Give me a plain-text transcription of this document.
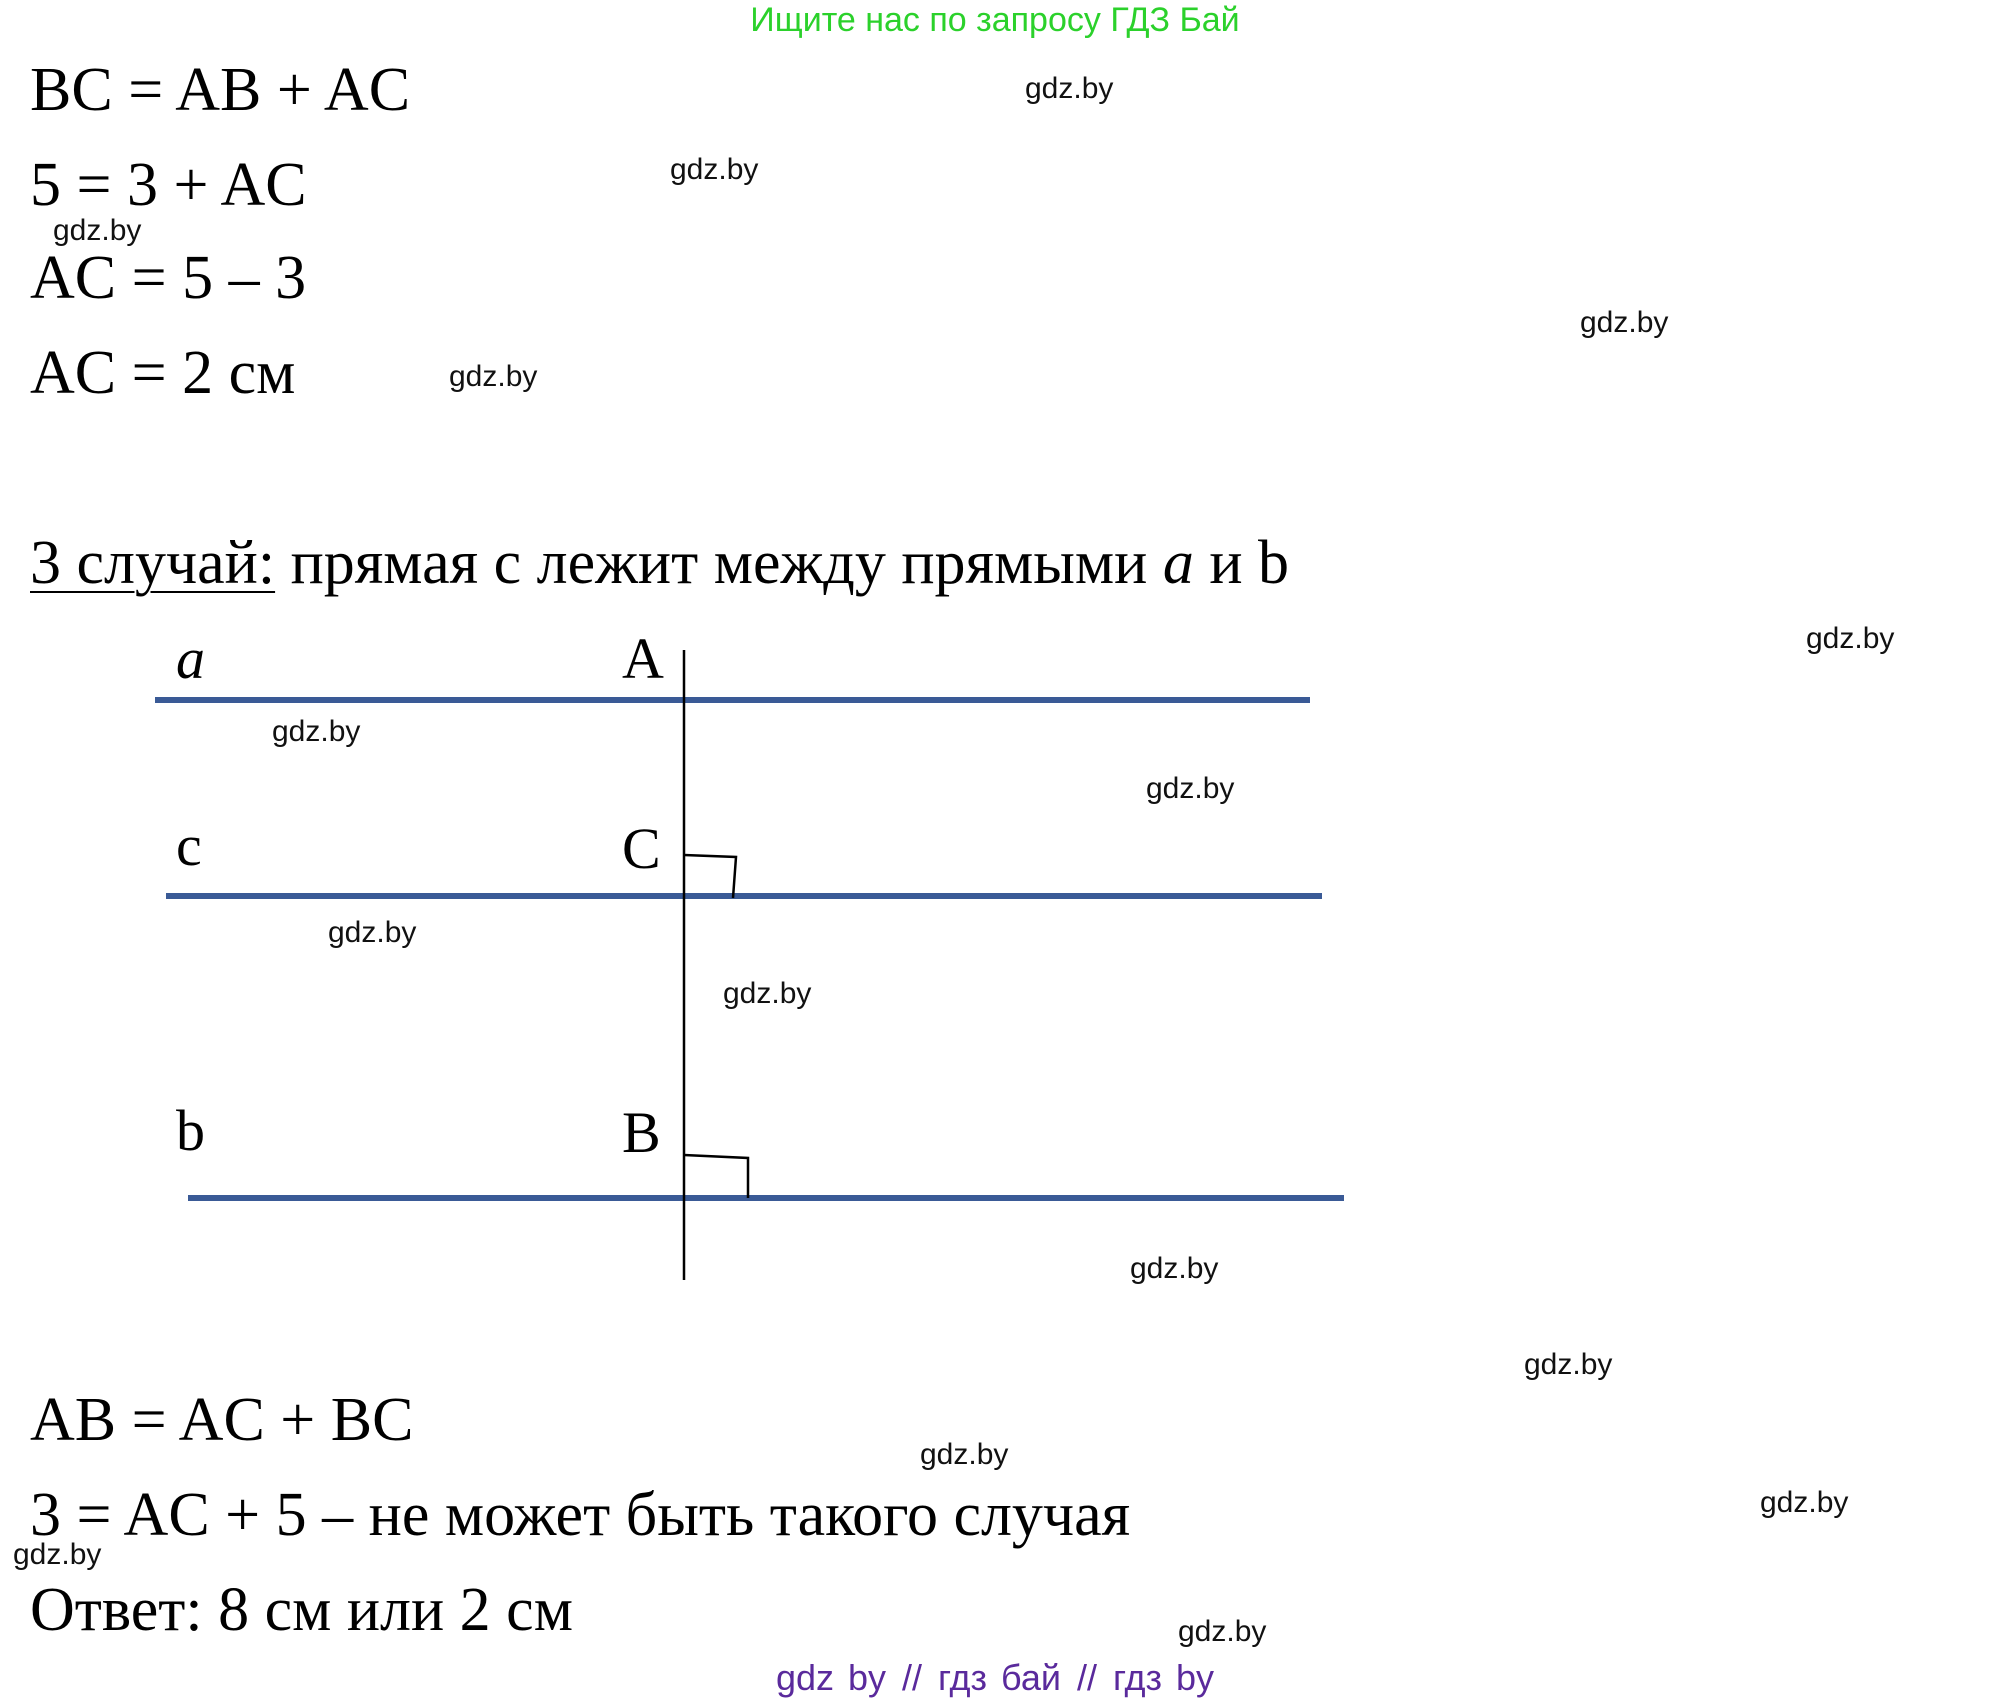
Ищите нас по запросу ГДЗ Бай
BC = AB + AC
5 = 3 + AC
AC = 5 – 3
AC = 2 см
3 случай: прямая с лежит между прямыми a и b
a
c
b
A
C
B
AB = AC + BC
3 = AC + 5 – не может быть такого случая
Ответ: 8 см или 2 см
gdz.by
gdz.by
gdz.by
gdz.by
gdz.by
gdz.by
gdz.by
gdz.by
gdz.by
gdz.by
gdz.by
gdz.by
gdz.by
gdz.by
gdz.by
gdz.by
gdz by // гдз бай // гдз by
